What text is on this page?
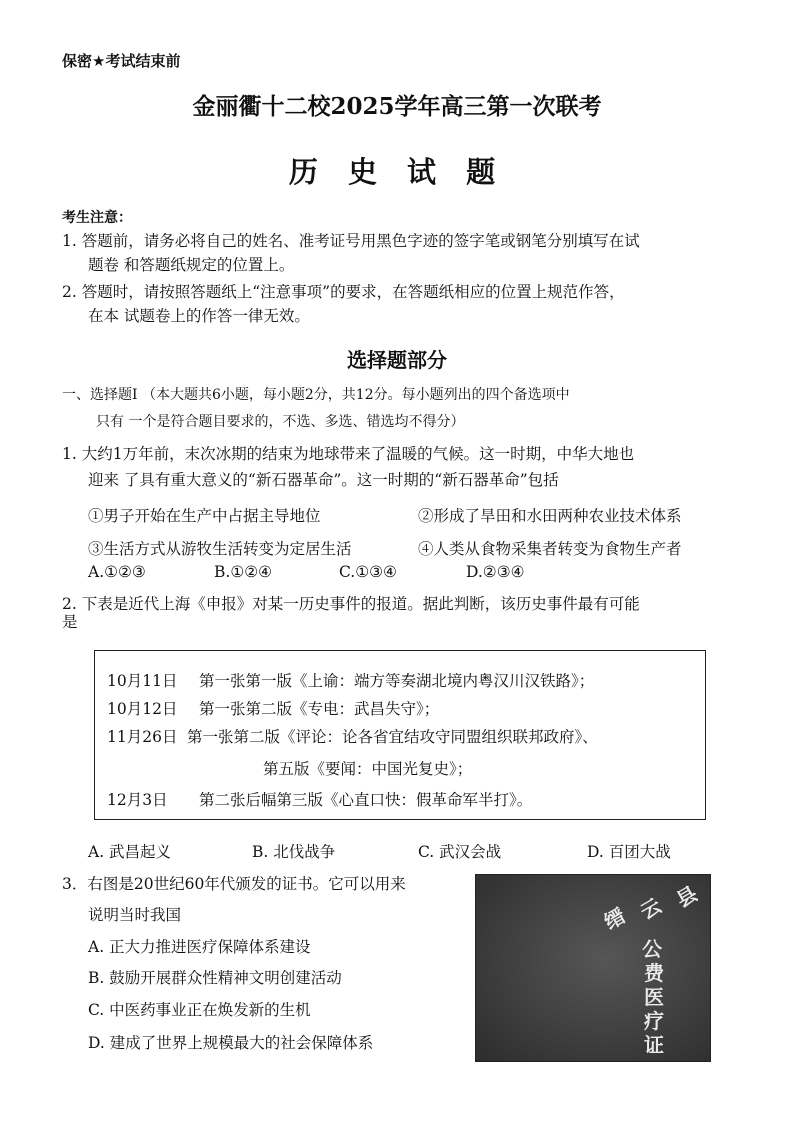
保密★考试结束前
金丽衢十二校2025学年高三第一次联考
历 史 试 题
考生注意：
1. 答题前，请务必将自己的姓名、准考证号用黑色字迹的签字笔或钢笔分别填写在试
题卷 和答题纸规定的位置上。
2. 答题时，请按照答题纸上“注意事项”的要求，在答题纸相应的位置上规范作答，
在本 试题卷上的作答一律无效。
选择题部分
一、选择题Ⅰ （本大题共6小题，每小题2分，共12分。每小题列出的四个备选项中
只有 一个是符合题目要求的，不选、多选、错选均不得分）
1. 大约1万年前，末次冰期的结束为地球带来了温暖的气候。这一时期，中华大地也
迎来 了具有重大意义的“新石器革命”。这一时期的“新石器革命”包括
①男子开始在生产中占据主导地位	②形成了旱田和水田两种农业技术体系
③生活方式从游牧生活转变为定居生活	④人类从食物采集者转变为食物生产者
A.①②③	B.①②④	C.①③④	D.②③④
2. 下表是近代上海《申报》对某一历史事件的报道。据此判断，该历史事件最有可能
是
10月11日 第一张第一版《上谕：端方等奏湖北境内粤汉川汉铁路》；
10月12日 第一张第二版《专电：武昌失守》；
11月26日 第一张第二版《评论：论各省宜结攻守同盟组织联邦政府》、
第五版《要闻：中国光复史》；
12月3日 第二张后幅第三版《心直口快：假革命军半打》。
A. 武昌起义	B. 北伐战争	C. 武汉会战	D. 百团大战
3．右图是20世纪60年代颁发的证书。它可以用来
说明当时我国
A. 正大力推进医疗保障体系建设
B. 鼓励开展群众性精神文明创建活动
C. 中医药事业正在焕发新的生机
D. 建成了世界上规模最大的社会保障体系
缙 云 县
公
费
医
疗
证
